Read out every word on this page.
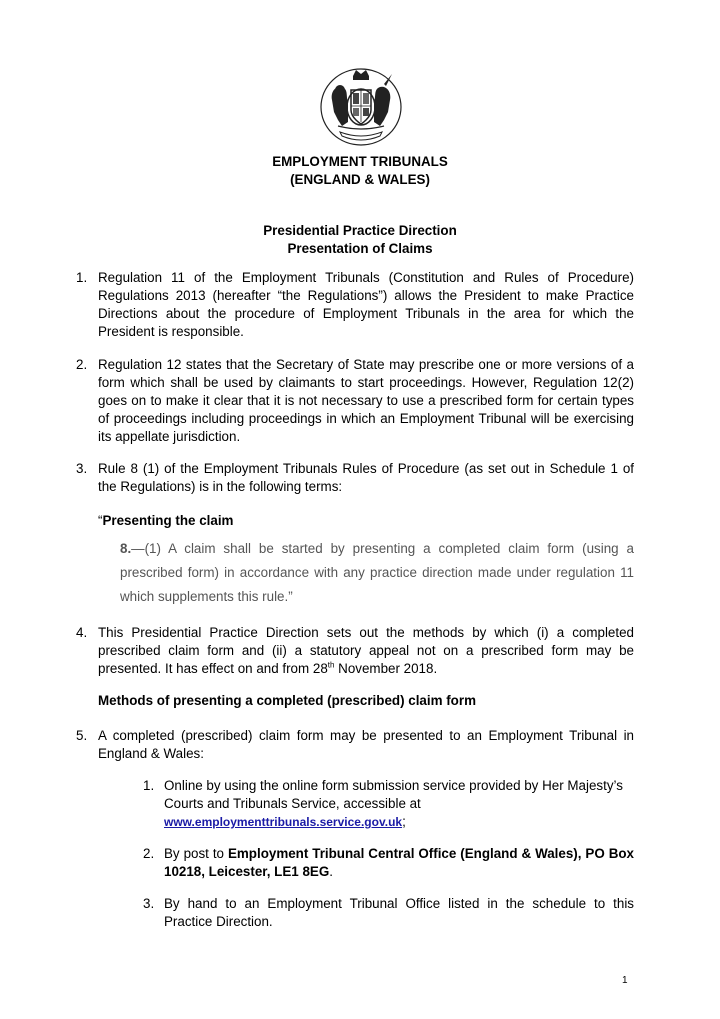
EMPLOYMENT TRIBUNALS
(ENGLAND & WALES)
Presidential Practice Direction
Presentation of Claims
1. Regulation 11 of the Employment Tribunals (Constitution and Rules of Procedure) Regulations 2013 (hereafter “the Regulations”) allows the President to make Practice Directions about the procedure of Employment Tribunals in the area for which the President is responsible.
2. Regulation 12 states that the Secretary of State may prescribe one or more versions of a form which shall be used by claimants to start proceedings. However, Regulation 12(2) goes on to make it clear that it is not necessary to use a prescribed form for certain types of proceedings including proceedings in which an Employment Tribunal will be exercising its appellate jurisdiction.
3. Rule 8 (1) of the Employment Tribunals Rules of Procedure (as set out in Schedule 1 of the Regulations) is in the following terms:
“Presenting the claim
8.—(1) A claim shall be started by presenting a completed claim form (using a prescribed form) in accordance with any practice direction made under regulation 11 which supplements this rule.”
4. This Presidential Practice Direction sets out the methods by which (i) a completed prescribed claim form and (ii) a statutory appeal not on a prescribed form may be presented. It has effect on and from 28th November 2018.
Methods of presenting a completed (prescribed) claim form
5. A completed (prescribed) claim form may be presented to an Employment Tribunal in England & Wales:
1. Online by using the online form submission service provided by Her Majesty’s Courts and Tribunals Service, accessible at
www.employmenttribunals.service.gov.uk;
2. By post to Employment Tribunal Central Office (England & Wales), PO Box 10218, Leicester, LE1 8EG.
3. By hand to an Employment Tribunal Office listed in the schedule to this Practice Direction.
1
